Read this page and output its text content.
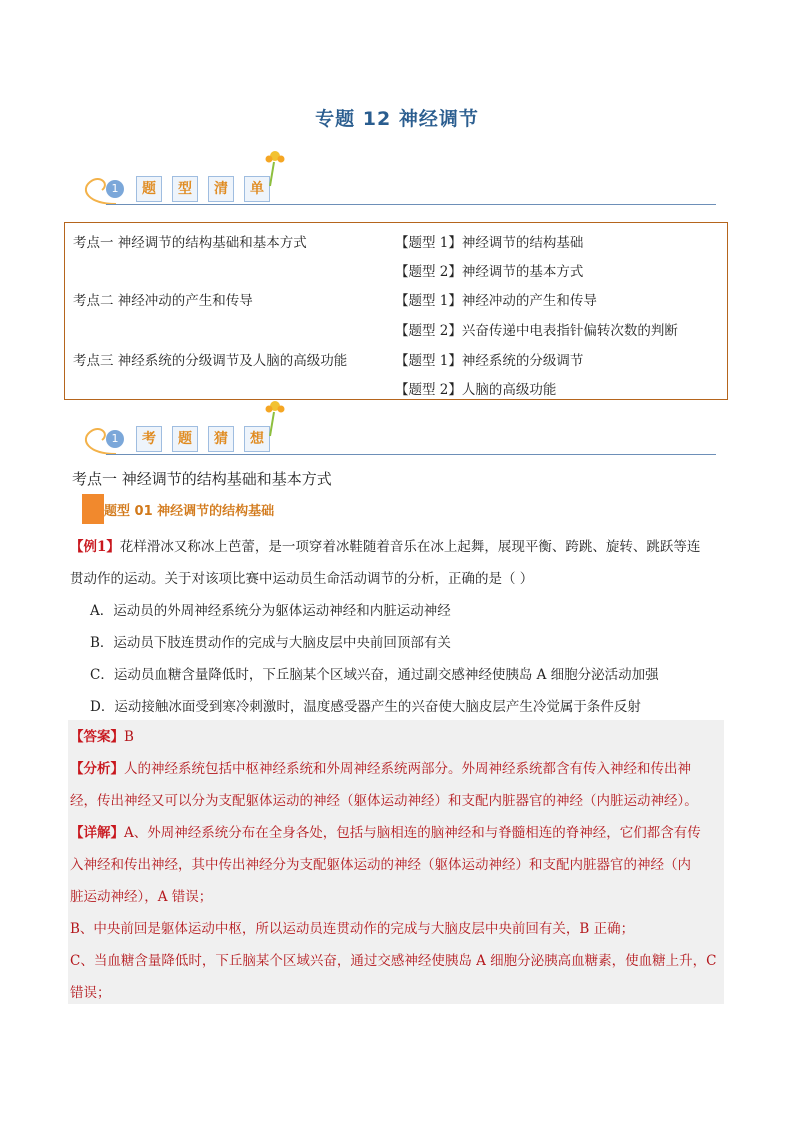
专题 12 神经调节
1	题	型	清	单
考点一 神经调节的结构基础和基本方式	【题型 1】神经调节的结构基础
【题型 2】神经调节的基本方式
考点二 神经冲动的产生和传导	【题型 1】神经冲动的产生和传导
【题型 2】兴奋传递中电表指针偏转次数的判断
考点三 神经系统的分级调节及人脑的高级功能	【题型 1】神经系统的分级调节
【题型 2】人脑的高级功能
1	考	题	猜	想
考点一 神经调节的结构基础和基本方式
题型 01 神经调节的结构基础
【例1】花样滑冰又称冰上芭蕾，是一项穿着冰鞋随着音乐在冰上起舞，展现平衡、跨跳、旋转、跳跃等连
贯动作的运动。关于对该项比赛中运动员生命活动调节的分析，正确的是（ ）
A．运动员的外周神经系统分为躯体运动神经和内脏运动神经
B．运动员下肢连贯动作的完成与大脑皮层中央前回顶部有关
C．运动员血糖含量降低时，下丘脑某个区域兴奋，通过副交感神经使胰岛 A 细胞分泌活动加强
D．运动接触冰面受到寒冷刺激时，温度感受器产生的兴奋使大脑皮层产生冷觉属于条件反射
【答案】B
【分析】人的神经系统包括中枢神经系统和外周神经系统两部分。外周神经系统都含有传入神经和传出神
经，传出神经又可以分为支配躯体运动的神经（躯体运动神经）和支配内脏器官的神经（内脏运动神经）。
【详解】A、外周神经系统分布在全身各处，包括与脑相连的脑神经和与脊髓相连的脊神经，它们都含有传
入神经和传出神经，其中传出神经分为支配躯体运动的神经（躯体运动神经）和支配内脏器官的神经（内
脏运动神经），A 错误；
B、中央前回是躯体运动中枢，所以运动员连贯动作的完成与大脑皮层中央前回有关，B 正确；
C、当血糖含量降低时，下丘脑某个区域兴奋，通过交感神经使胰岛 A 细胞分泌胰高血糖素，使血糖上升，C
错误；
